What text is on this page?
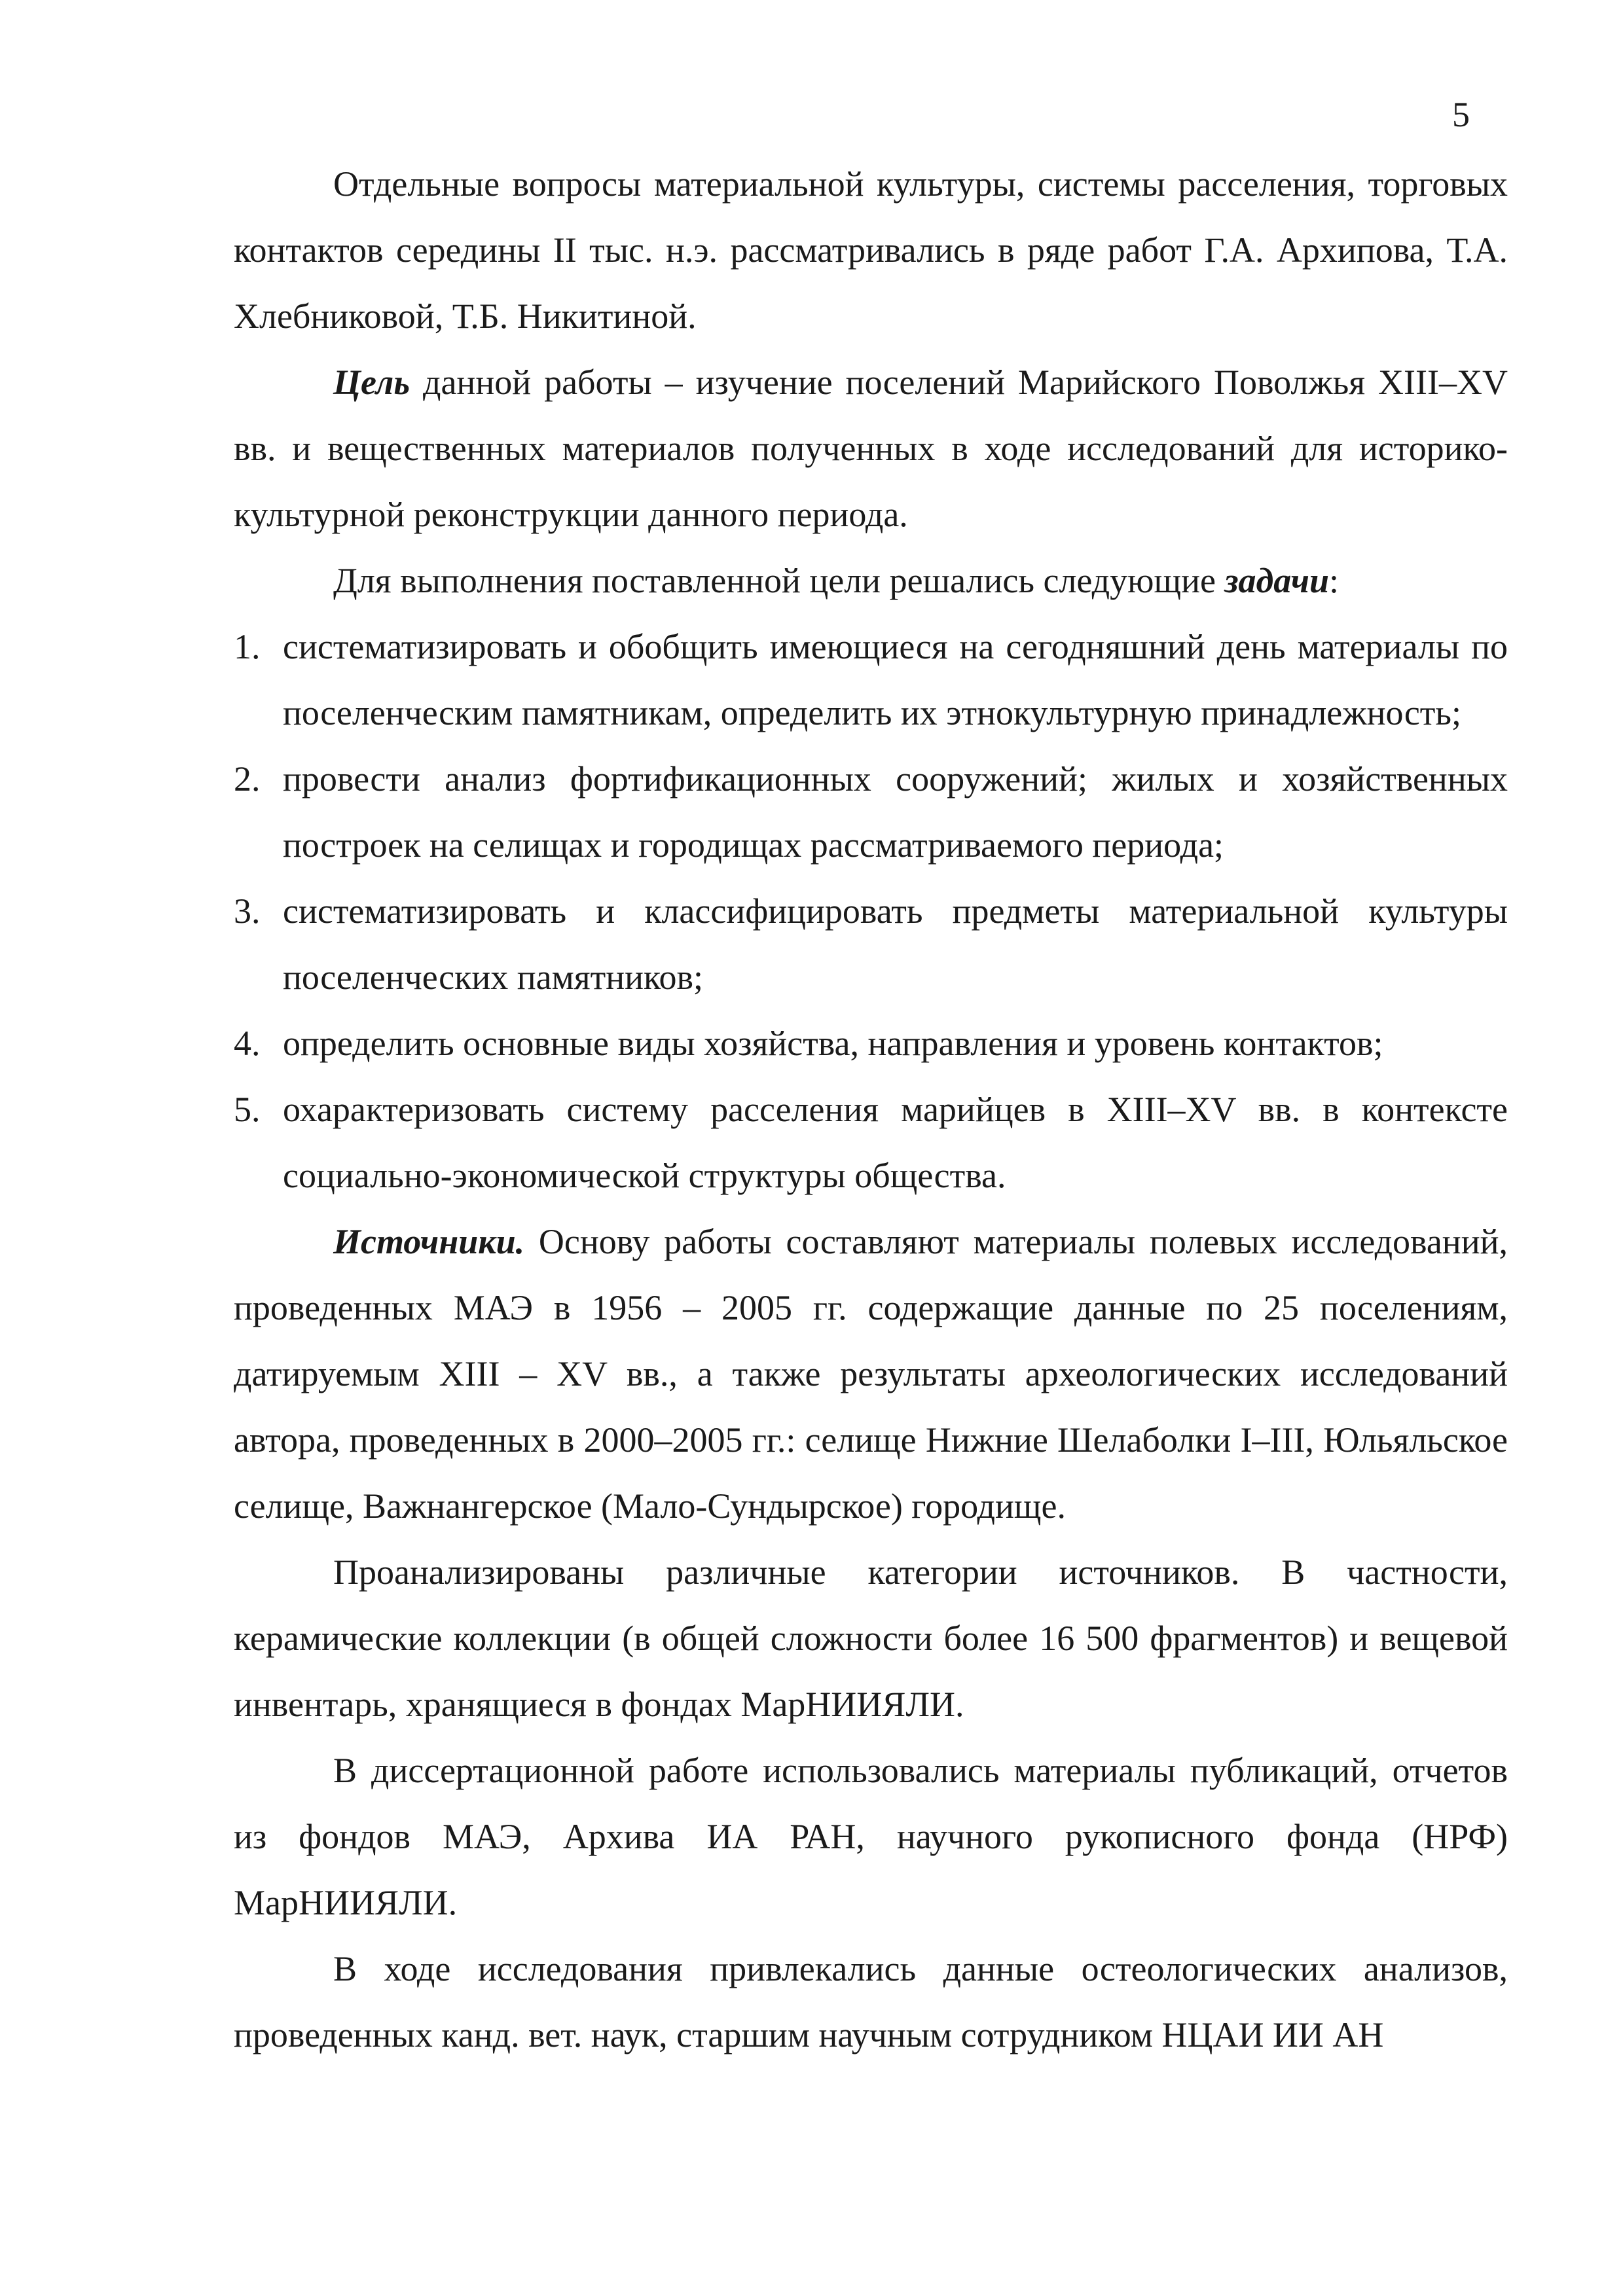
5

Отдельные вопросы материальной культуры, системы расселения, торговых контактов середины II тыс. н.э. рассматривались в ряде работ Г.А. Архипова, Т.А. Хлебниковой, Т.Б. Никитиной.

Цель данной работы – изучение поселений Марийского Поволжья XIII–XV вв. и вещественных материалов полученных в ходе исследований для историко-культурной реконструкции данного периода.

Для выполнения поставленной цели решались следующие задачи:

1. систематизировать и обобщить имеющиеся на сегодняшний день материалы по поселенческим памятникам, определить их этнокультурную принадлежность;
2. провести анализ фортификационных сооружений; жилых и хозяйственных построек на селищах и городищах рассматриваемого периода;
3. систематизировать и классифицировать предметы материальной культуры поселенческих памятников;
4. определить основные виды хозяйства, направления и уровень контактов;
5. охарактеризовать систему расселения марийцев в XIII–XV вв. в контексте социально-экономической структуры общества.

Источники. Основу работы составляют материалы полевых исследований, проведенных МАЭ в 1956 – 2005 гг. содержащие данные по 25 поселениям, датируемым XIII – XV вв., а также результаты археологических исследований автора, проведенных в 2000–2005 гг.: селище Нижние Шелаболки I–III, Юльяльское селище, Важнангерское (Мало-Сундырское) городище.

Проанализированы различные категории источников. В частности, керамические коллекции (в общей сложности более 16 500 фрагментов) и вещевой инвентарь, хранящиеся в фондах МарНИИЯЛИ.

В диссертационной работе использовались материалы публикаций, отчетов из фондов МАЭ, Архива ИА РАН, научного рукописного фонда (НРФ) МарНИИЯЛИ.

В ходе исследования привлекались данные остеологических анализов, проведенных канд. вет. наук, старшим научным сотрудником НЦАИ ИИ АН
